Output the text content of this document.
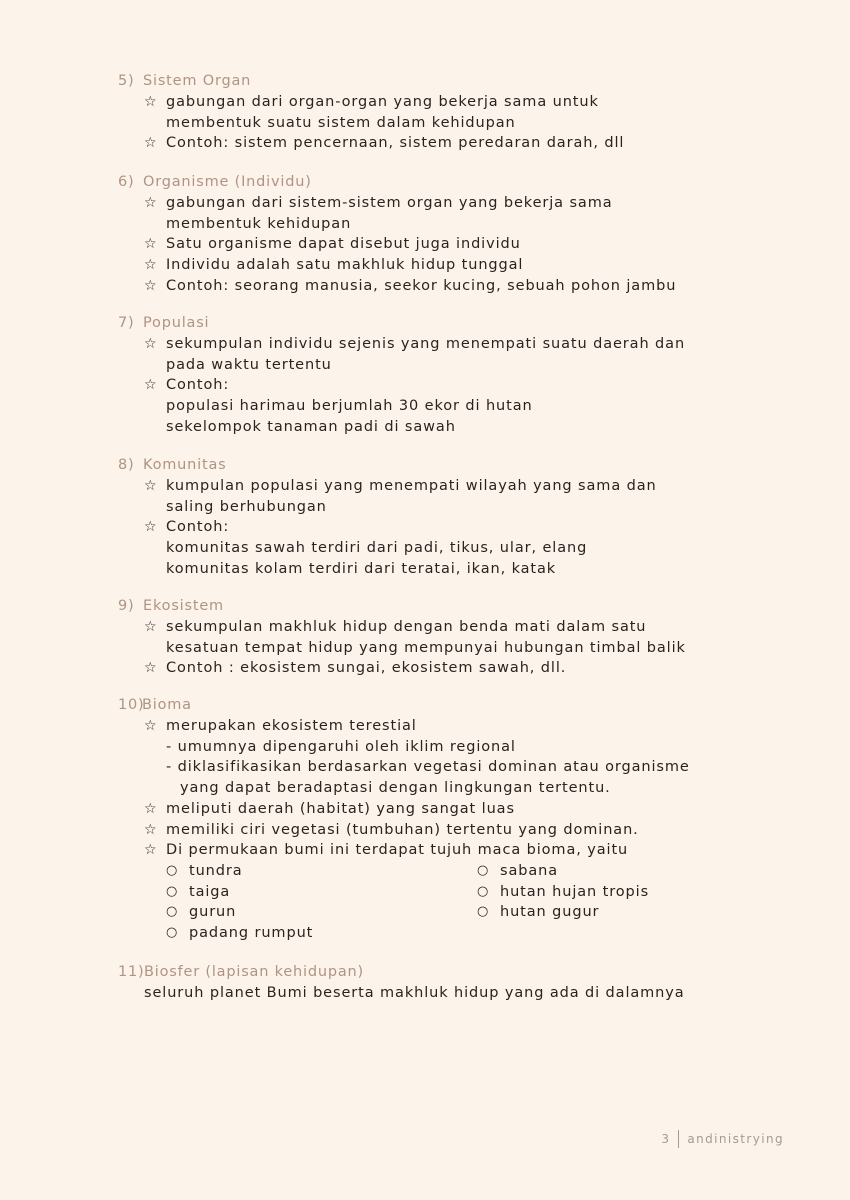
5) Sistem Organ
☆ gabungan dari organ-organ yang bekerja sama untuk
membentuk suatu sistem dalam kehidupan
☆ Contoh: sistem pencernaan, sistem peredaran darah, dll
6) Organisme (Individu)
☆ gabungan dari sistem-sistem organ yang bekerja sama
membentuk kehidupan
☆ Satu organisme dapat disebut juga individu
☆ Individu adalah satu makhluk hidup tunggal
☆ Contoh: seorang manusia, seekor kucing, sebuah pohon jambu
7) Populasi
☆ sekumpulan individu sejenis yang menempati suatu daerah dan
pada waktu tertentu
☆ Contoh:
populasi harimau berjumlah 30 ekor di hutan
sekelompok tanaman padi di sawah
8) Komunitas
☆ kumpulan populasi yang menempati wilayah yang sama dan
saling berhubungan
☆ Contoh:
komunitas sawah terdiri dari padi, tikus, ular, elang
komunitas kolam terdiri dari teratai, ikan, katak
9) Ekosistem
☆ sekumpulan makhluk hidup dengan benda mati dalam satu
kesatuan tempat hidup yang mempunyai hubungan timbal balik
☆ Contoh : ekosistem sungai, ekosistem sawah, dll.
10)
Bioma
☆ merupakan ekosistem terestial
- umumnya dipengaruhi oleh iklim regional
- diklasifikasikan berdasarkan vegetasi dominan atau organisme
yang dapat beradaptasi dengan lingkungan tertentu.
☆ meliputi daerah (habitat) yang sangat luas
☆ memiliki ciri vegetasi (tumbuhan) tertentu yang dominan.
☆ Di permukaan bumi ini terdapat tujuh maca bioma, yaitu
○ tundra
○ taiga
○ gurun
○ padang rumput
○ sabana
○ hutan hujan tropis
○ hutan gugur
11) Biosfer (lapisan kehidupan)
seluruh planet Bumi beserta makhluk hidup yang ada di dalamnya
3 andinistrying
